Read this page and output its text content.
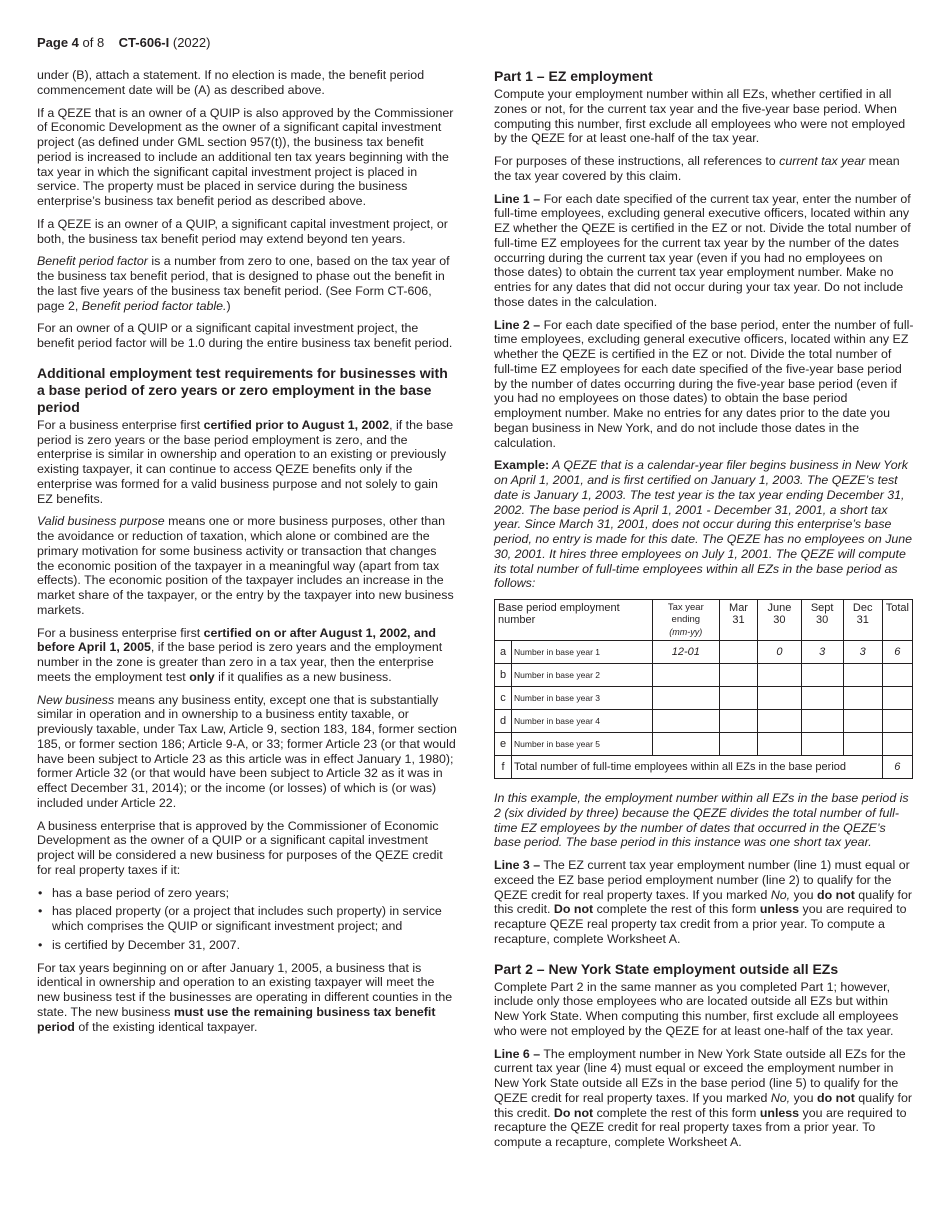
Page 4 of 8 CT-606-I (2022)

under (B), attach a statement. If no election is made, the benefit period commencement date will be (A) as described above.

If a QEZE that is an owner of a QUIP is also approved by the Commissioner of Economic Development as the owner of a significant capital investment project (as defined under GML section 957(t)), the business tax benefit period is increased to include an additional ten tax years beginning with the tax year in which the significant capital investment project is placed in service. The property must be placed in service during the business enterprise’s business tax benefit period as described above.

If a QEZE is an owner of a QUIP, a significant capital investment project, or both, the business tax benefit period may extend beyond ten years.

Benefit period factor is a number from zero to one, based on the tax year of the business tax benefit period, that is designed to phase out the benefit in the last five years of the business tax benefit period. (See Form CT-606, page 2, Benefit period factor table.)

For an owner of a QUIP or a significant capital investment project, the benefit period factor will be 1.0 during the entire business tax benefit period.

Additional employment test requirements for businesses with a base period of zero years or zero employment in the base period

For a business enterprise first certified prior to August 1, 2002, if the base period is zero years or the base period employment is zero, and the enterprise is similar in ownership and operation to an existing or previously existing taxpayer, it can continue to access QEZE benefits only if the enterprise was formed for a valid business purpose and not solely to gain EZ benefits.

Valid business purpose means one or more business purposes, other than the avoidance or reduction of taxation, which alone or combined are the primary motivation for some business activity or transaction that changes the economic position of the taxpayer in a meaningful way (apart from tax effects). The economic position of the taxpayer includes an increase in the market share of the taxpayer, or the entry by the taxpayer into new business markets.

For a business enterprise first certified on or after August 1, 2002, and before April 1, 2005, if the base period is zero years and the employment number in the zone is greater than zero in a tax year, then the enterprise meets the employment test only if it qualifies as a new business.

New business means any business entity, except one that is substantially similar in operation and in ownership to a business entity taxable, or previously taxable, under Tax Law, Article 9, section 183, 184, former section 185, or former section 186; Article 9-A, or 33; former Article 23 (or that would have been subject to Article 23 as this article was in effect January 1, 1980); former Article 32 (or that would have been subject to Article 32 as it was in effect December 31, 2014); or the income (or losses) of which is (or was) included under Article 22.

A business enterprise that is approved by the Commissioner of Economic Development as the owner of a QUIP or a significant capital investment project will be considered a new business for purposes of the QEZE credit for real property taxes if it:

• has a base period of zero years;
• has placed property (or a project that includes such property) in service which comprises the QUIP or significant investment project; and
• is certified by December 31, 2007.

For tax years beginning on or after January 1, 2005, a business that is identical in ownership and operation to an existing taxpayer will meet the new business test if the businesses are operating in different counties in the state. The new business must use the remaining business tax benefit period of the existing identical taxpayer.

Part 1 – EZ employment

Compute your employment number within all EZs, whether certified in all zones or not, for the current tax year and the five-year base period. When computing this number, first exclude all employees who were not employed by the QEZE for at least one-half of the tax year.

For purposes of these instructions, all references to current tax year mean the tax year covered by this claim.

Line 1 – For each date specified of the current tax year, enter the number of full-time employees, excluding general executive officers, located within any EZ whether the QEZE is certified in the EZ or not. Divide the total number of full-time EZ employees for the current tax year by the number of the dates occurring during the current tax year (even if you had no employees on those dates) to obtain the current tax year employment number. Make no entries for any dates that did not occur during your tax year. Do not include those dates in the calculation.

Line 2 – For each date specified of the base period, enter the number of full-time employees, excluding general executive officers, located within any EZ whether the QEZE is certified in the EZ or not. Divide the total number of full-time EZ employees for each date specified of the five-year base period by the number of dates occurring during the five-year base period (even if you had no employees on those dates) to obtain the base period employment number. Make no entries for any dates prior to the date you began business in New York, and do not include those dates in the calculation.

Example: A QEZE that is a calendar-year filer begins business in New York on April 1, 2001, and is first certified on January 1, 2003. The QEZE’s test date is January 1, 2003. The test year is the tax year ending December 31, 2002. The base period is April 1, 2001 - December 31, 2001, a short tax year. Since March 31, 2001, does not occur during this enterprise’s base period, no entry is made for this date. The QEZE has no employees on June 30, 2001. It hires three employees on July 1, 2001. The QEZE will compute its total number of full-time employees within all EZs in the base period as follows:

Base period employment number		Tax year ending
(mm-yy)	Mar 31	June 30	Sept 30	Dec 31	Total
a	Number in base year 1	12-01		0	3	3	6
b	Number in base year 2						
c	Number in base year 3						
d	Number in base year 4						
e	Number in base year 5						
f	Total number of full-time employees within all EZs in the base period						6

In this example, the employment number within all EZs in the base period is 2 (six divided by three) because the QEZE divides the total number of full-time EZ employees by the number of dates that occurred in the QEZE’s base period. The base period in this instance was one short tax year.

Line 3 – The EZ current tax year employment number (line 1) must equal or exceed the EZ base period employment number (line 2) to qualify for the QEZE credit for real property taxes. If you marked No, you do not qualify for this credit. Do not complete the rest of this form unless you are required to recapture QEZE real property tax credit from a prior year. To compute a recapture, complete Worksheet A.

Part 2 – New York State employment outside all EZs

Complete Part 2 in the same manner as you completed Part 1; however, include only those employees who are located outside all EZs but within New York State. When computing this number, first exclude all employees who were not employed by the QEZE for at least one-half of the tax year.

Line 6 – The employment number in New York State outside all EZs for the current tax year (line 4) must equal or exceed the employment number in New York State outside all EZs in the base period (line 5) to qualify for the QEZE credit for real property taxes. If you marked No, you do not qualify for this credit. Do not complete the rest of this form unless you are required to recapture the QEZE credit for real property taxes from a prior year. To compute a recapture, complete Worksheet A.
